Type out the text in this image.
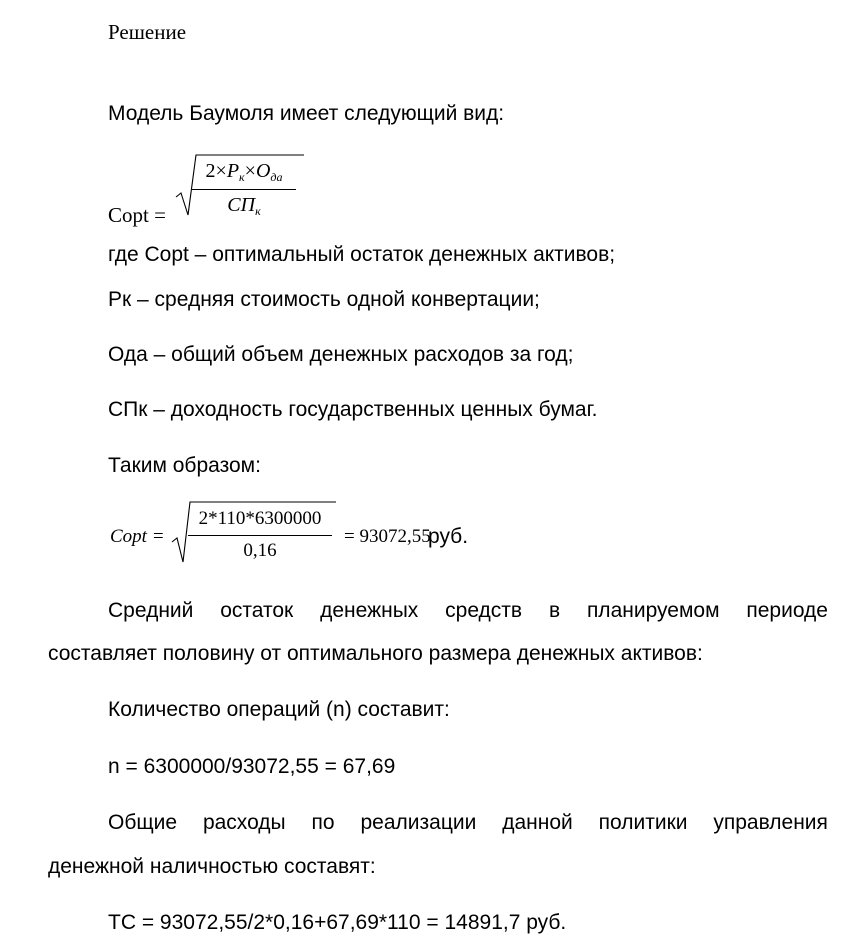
Решение
Модель Баумоля имеет следующий вид:
Copt =
$2\times P_к\times O_{да}$
$СП_к$
где Copt – оптимальный остаток денежных активов;
Рк – средняя стоимость одной конвертации;
Ода – общий объем денежных расходов за год;
СПк – доходность государственных ценных бумаг.
Таким образом:
Copt =
2*110*6300000
0,16
= 93072,55
руб.
Средний остаток денежных средств в планируемом периоде
составляет половину от оптимального размера денежных активов:
Количество операций (n) составит:
n = 6300000/93072,55 = 67,69
Общие расходы по реализации данной политики управления
денежной наличностью составят:
TC = 93072,55/2*0,16+67,69*110 = 14891,7 руб.
